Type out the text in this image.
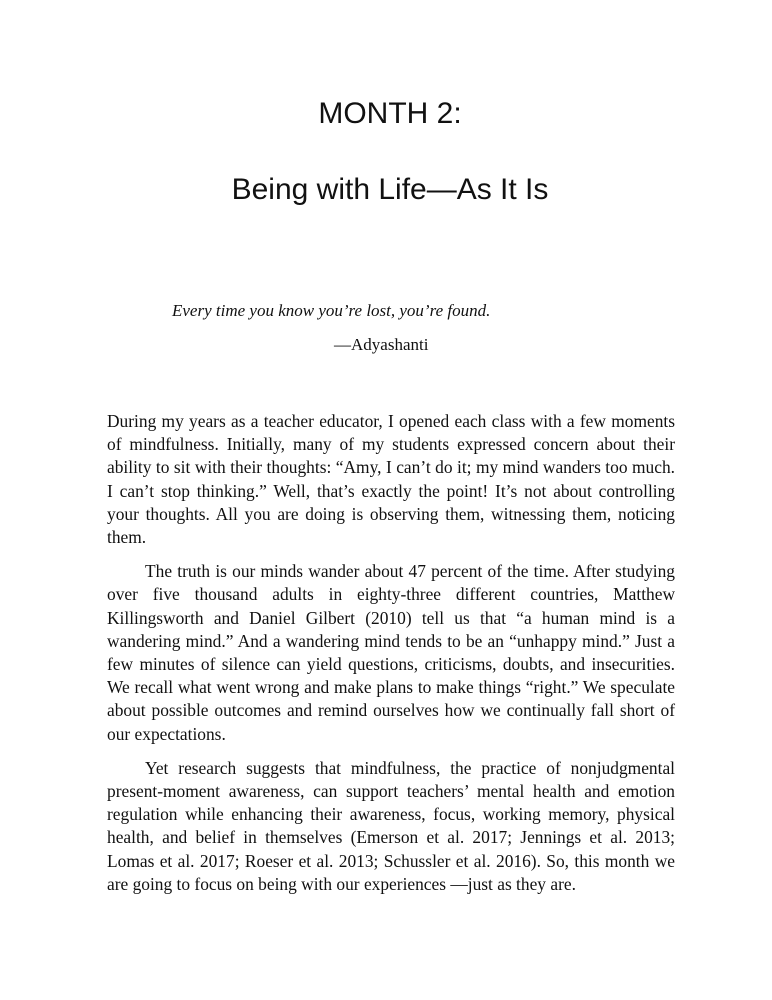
MONTH 2:
Being with Life—As It Is

Every time you know you’re lost, you’re found.

—Adyashanti

During my years as a teacher educator, I opened each class with a few moments of mindfulness. Initially, many of my students expressed concern about their ability to sit with their thoughts: “Amy, I can’t do it; my mind wanders too much. I can’t stop thinking.” Well, that’s exactly the point! It’s not about controlling your thoughts. All you are doing is observing them, witnessing them, noticing them.

The truth is our minds wander about 47 percent of the time. After studying over five thousand adults in eighty-three different countries, Matthew Killingsworth and Daniel Gilbert (2010) tell us that “a human mind is a wandering mind.” And a wandering mind tends to be an “unhappy mind.” Just a few minutes of silence can yield questions, criticisms, doubts, and insecurities. We recall what went wrong and make plans to make things “right.” We speculate about possible outcomes and remind ourselves how we continually fall short of our expectations.

Yet research suggests that mindfulness, the practice of nonjudgmental present-moment awareness, can support teachers’ mental health and emotion regulation while enhancing their awareness, focus, working memory, physical health, and belief in themselves (Emerson et al. 2017; Jennings et al. 2013; Lomas et al. 2017; Roeser et al. 2013; Schussler et al. 2016). So, this month we are going to focus on being with our experiences —just as they are.
